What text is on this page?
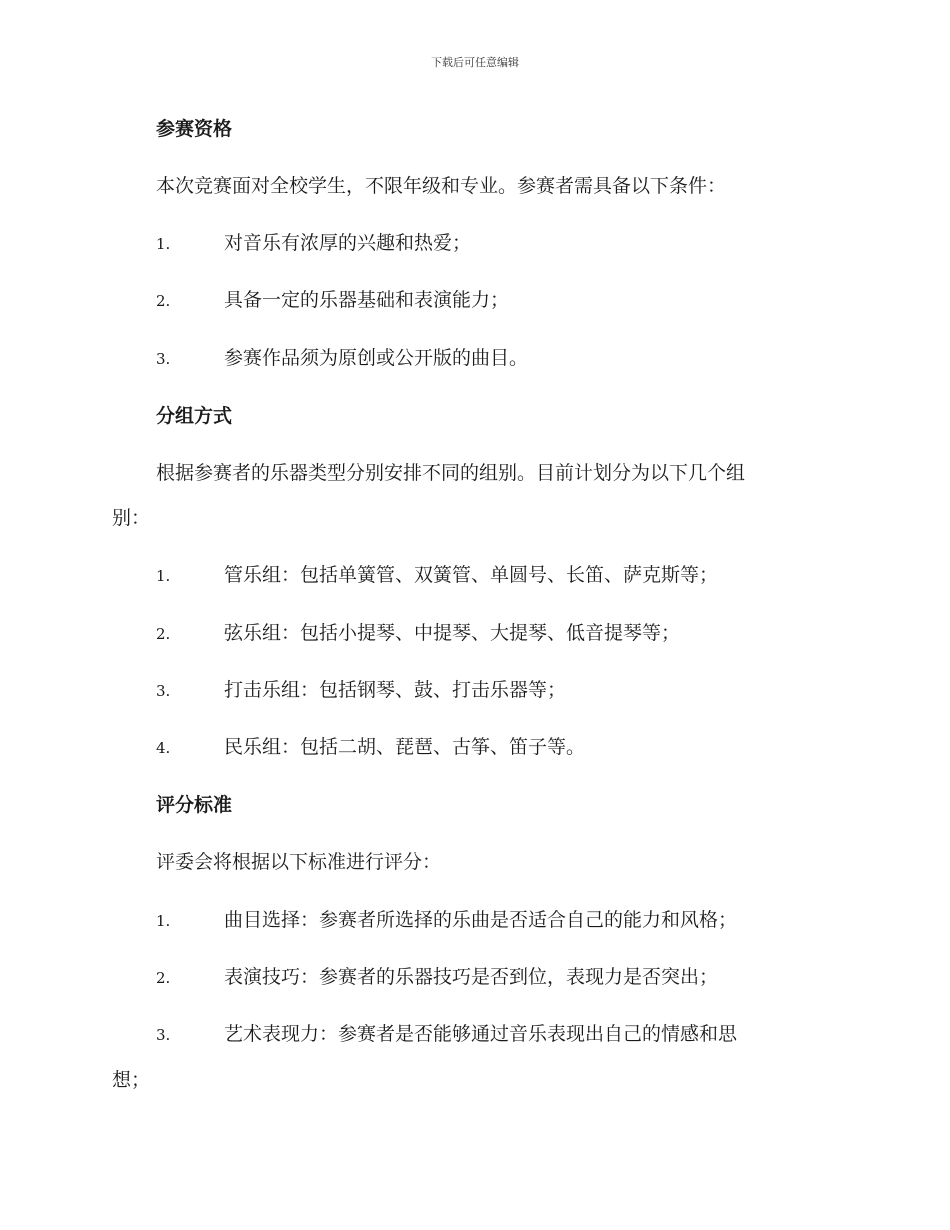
下载后可任意编辑
参赛资格
本次竞赛面对全校学生，不限年级和专业。参赛者需具备以下条件：
1.	对音乐有浓厚的兴趣和热爱；
2.	具备一定的乐器基础和表演能力；
3.	参赛作品须为原创或公开版的曲目。
分组方式
根据参赛者的乐器类型分别安排不同的组别。目前计划分为以下几个组
别：
1.	管乐组：包括单簧管、双簧管、单圆号、长笛、萨克斯等；
2.	弦乐组：包括小提琴、中提琴、大提琴、低音提琴等；
3.	打击乐组：包括钢琴、鼓、打击乐器等；
4.	民乐组：包括二胡、琵琶、古筝、笛子等。
评分标准
评委会将根据以下标准进行评分：
1.	曲目选择：参赛者所选择的乐曲是否适合自己的能力和风格；
2.	表演技巧：参赛者的乐器技巧是否到位，表现力是否突出；
3.	艺术表现力：参赛者是否能够通过音乐表现出自己的情感和思
想；
